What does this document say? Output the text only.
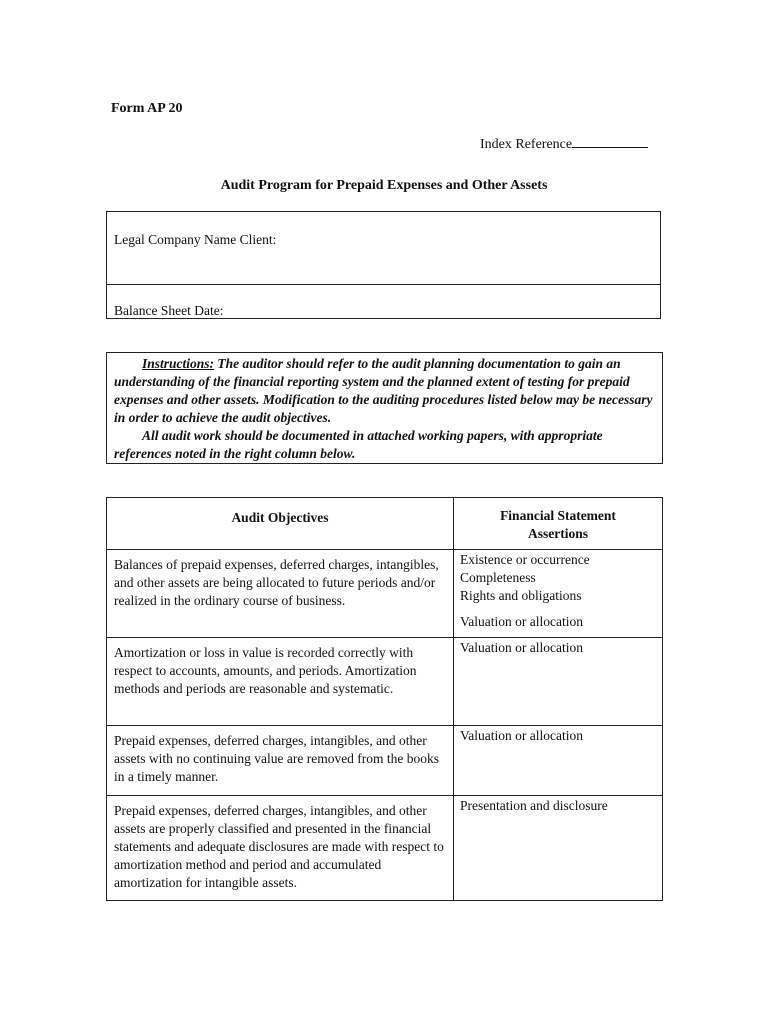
Form AP 20
Index Reference
Audit Program for Prepaid Expenses and Other Assets
Legal Company Name Client:
Balance Sheet Date:
Instructions: The auditor should refer to the audit planning documentation to gain an understanding of the financial reporting system and the planned extent of testing for prepaid expenses and other assets. Modification to the auditing procedures listed below may be necessary in order to achieve the audit objectives.
All audit work should be documented in attached working papers, with appropriate references noted in the right column below.
Audit Objectives	Financial Statement Assertions
Balances of prepaid expenses, deferred charges, intangibles, and other assets are being allocated to future periods and/or realized in the ordinary course of business.	Existence or occurrence
Completeness
Rights and obligations
Valuation or allocation

Amortization or loss in value is recorded correctly with respect to accounts, amounts, and periods. Amortization methods and periods are reasonable and systematic.	Valuation or allocation

Prepaid expenses, deferred charges, intangibles, and other assets with no continuing value are removed from the books in a timely manner.	Valuation or allocation

Prepaid expenses, deferred charges, intangibles, and other assets are properly classified and presented in the financial statements and adequate disclosures are made with respect to amortization method and period and accumulated amortization for intangible assets.	Presentation and disclosure
